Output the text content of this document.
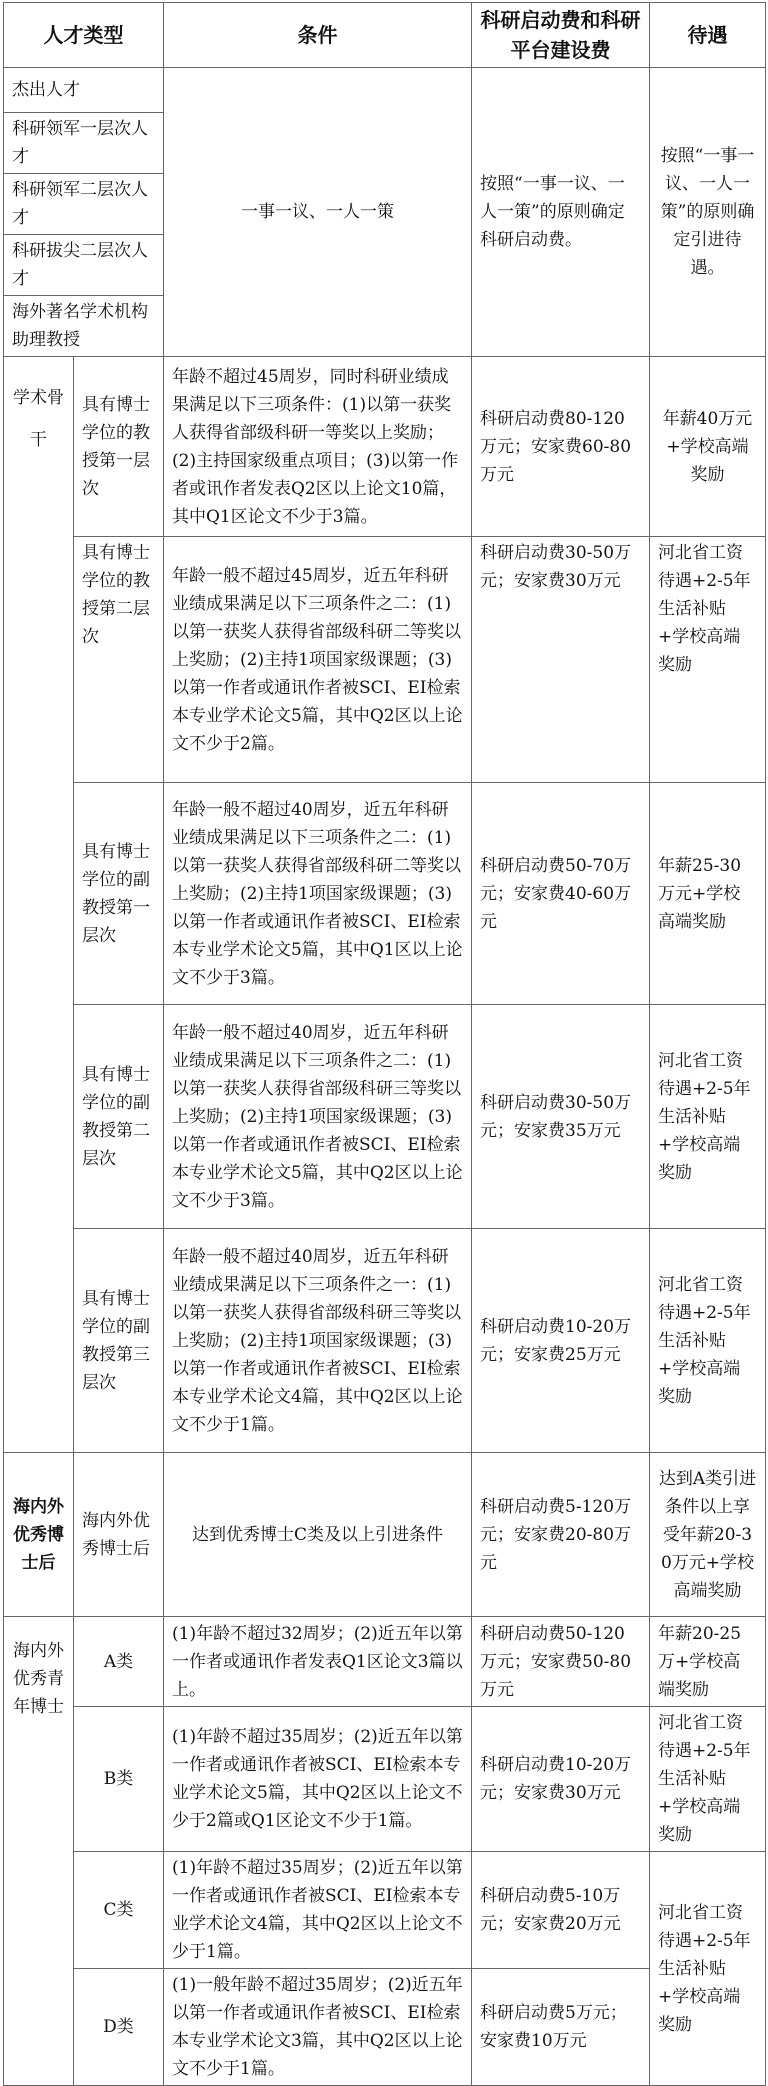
人才类型		条件	科研启动费和科研平台建设费	待遇
杰出人才		一事一议、一人一策	按照“一事一议、一人一策”的原则确定科研启动费。	按照“一事一议、一人一策”的原则确定引进待遇。
科研领军一层次人才				
科研领军二层次人才				
科研拔尖二层次人才				
海外著名学术机构助理教授				
学术骨干	具有博士学位的教授第一层次	年龄不超过45周岁，同时科研业绩成果满足以下三项条件：(1)以第一获奖人获得省部级科研一等奖以上奖励；(2)主持国家级重点项目；(3)以第一作者或讯作者发表Q2区以上论文10篇，其中Q1区论文不少于3篇。	科研启动费80-120万元；安家费60-80万元	年薪40万元+学校高端奖励
	具有博士学位的教授第二层次	年龄一般不超过45周岁，近五年科研业绩成果满足以下三项条件之二：(1)以第一获奖人获得省部级科研二等奖以上奖励；(2)主持1项国家级课题；(3)以第一作者或通讯作者被SCI、EI检索本专业学术论文5篇，其中Q2区以上论文不少于2篇。	科研启动费30-50万元；安家费30万元	河北省工资待遇+2-5年生活补贴+学校高端奖励
	具有博士学位的副教授第一层次	年龄一般不超过40周岁，近五年科研业绩成果满足以下三项条件之二：(1)以第一获奖人获得省部级科研二等奖以上奖励；(2)主持1项国家级课题；(3)以第一作者或通讯作者被SCI、EI检索本专业学术论文5篇，其中Q1区以上论文不少于3篇。	科研启动费50-70万元；安家费40-60万元	年薪25-30万元+学校高端奖励
	具有博士学位的副教授第二层次	年龄一般不超过40周岁，近五年科研业绩成果满足以下三项条件之二：(1)以第一获奖人获得省部级科研三等奖以上奖励；(2)主持1项国家级课题；(3)以第一作者或通讯作者被SCI、EI检索本专业学术论文5篇，其中Q2区以上论文不少于3篇。	科研启动费30-50万元；安家费35万元	河北省工资待遇+2-5年生活补贴+学校高端奖励
	具有博士学位的副教授第三层次	年龄一般不超过40周岁，近五年科研业绩成果满足以下三项条件之一：(1)以第一获奖人获得省部级科研三等奖以上奖励；(2)主持1项国家级课题；(3)以第一作者或通讯作者被SCI、EI检索本专业学术论文4篇，其中Q2区以上论文不少于1篇。	科研启动费10-20万元；安家费25万元	河北省工资待遇+2-5年生活补贴+学校高端奖励
海内外优秀博士后	海内外优秀博士后	达到优秀博士C类及以上引进条件	科研启动费5-120万元；安家费20-80万元	达到A类引进条件以上享受年薪20-30万元+学校高端奖励
海内外优秀青年博士	A类	(1)年龄不超过32周岁；(2)近五年以第一作者或通讯作者发表Q1区论文3篇以上。	科研启动费50-120万元；安家费50-80万元	年薪20-25万+学校高端奖励
	B类	(1)年龄不超过35周岁；(2)近五年以第一作者或通讯作者被SCI、EI检索本专业学术论文5篇，其中Q2区以上论文不少于2篇或Q1区论文不少于1篇。	科研启动费10-20万元；安家费30万元	河北省工资待遇+2-5年生活补贴+学校高端奖励
	C类	(1)年龄不超过35周岁；(2)近五年以第一作者或通讯作者被SCI、EI检索本专业学术论文4篇，其中Q2区以上论文不少于1篇。	科研启动费5-10万元；安家费20万元	河北省工资待遇+2-5年生活补贴+学校高端奖励
	D类	(1)一般年龄不超过35周岁；(2)近五年以第一作者或通讯作者被SCI、EI检索本专业学术论文3篇，其中Q2区以上论文不少于1篇。	科研启动费5万元；安家费10万元	
